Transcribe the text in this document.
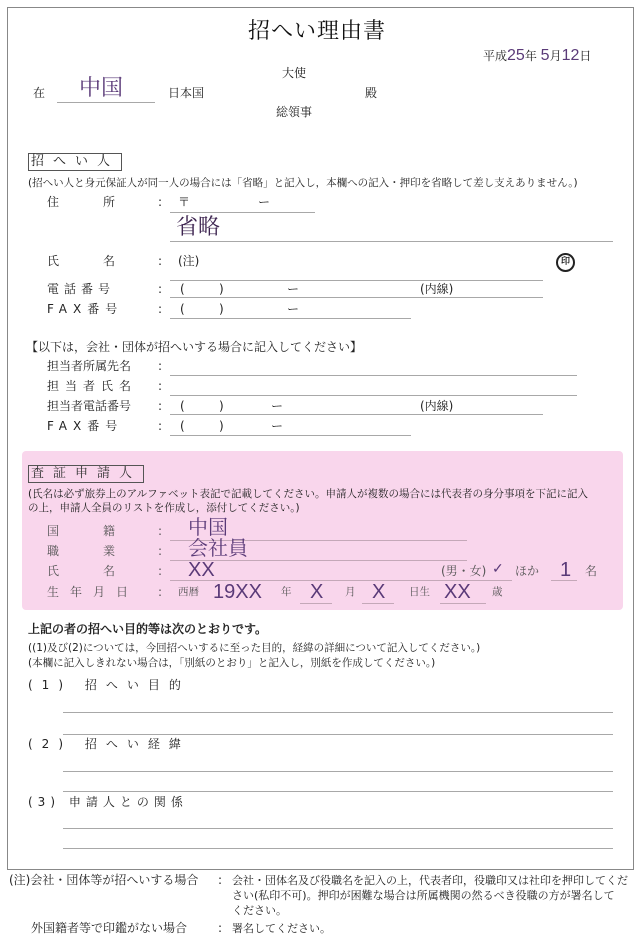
招へい理由書
平成25年 5月12日
在 中国	日本国
大使
総領事
殿
招へい人
(招へい人と身元保証人が同一人の場合には「省略」と記入し，本欄への記入・押印を省略して差し支えありません。)
住　　　所	: 〒	ー
省略
氏　　　名	: (注)	印
電話番号	: (	)	ー	(内線)
FAX番号	: (	)	ー
【以下は，会社・団体が招へいする場合に記入してください】
担当者所属先名 :
担当者氏名 :
担当者電話番号 : (	)	ー	(内線)
FAX番号	: (	)	ー
査証申請人
(氏名は必ず旅券上のアルファベット表記で記載してください。申請人が複数の場合には代表者の身分事項を下記に記入
の上，申請人全員のリストを作成し，添付してください。)
国　　　籍	: 中国
職　　　業	: 会社員
氏　　　名	: XX	(男・女) ✓ ほか 1 名
生年月日 : 西暦 19XX 年 X 月 X 日生 XX 歳
上記の者の招へい目的等は次のとおりです。
((1)及び(2)については，今回招へいするに至った目的，経緯の詳細について記入してください。)
(本欄に記入しきれない場合は，「別紙のとおり」と記入し，別紙を作成してください。)
(1) 招へい目的
(2) 招へい経緯
(3) 申請人との関係
(注)会社・団体等が招へいする場合 : 会社・団体名及び役職名を記入の上，代表者印，役職印又は社印を押印してくだ
さい(私印不可)。押印が困難な場合は所属機関の然るべき役職の方が署名して
ください。
外国籍者等で印鑑がない場合	: 署名してください。
